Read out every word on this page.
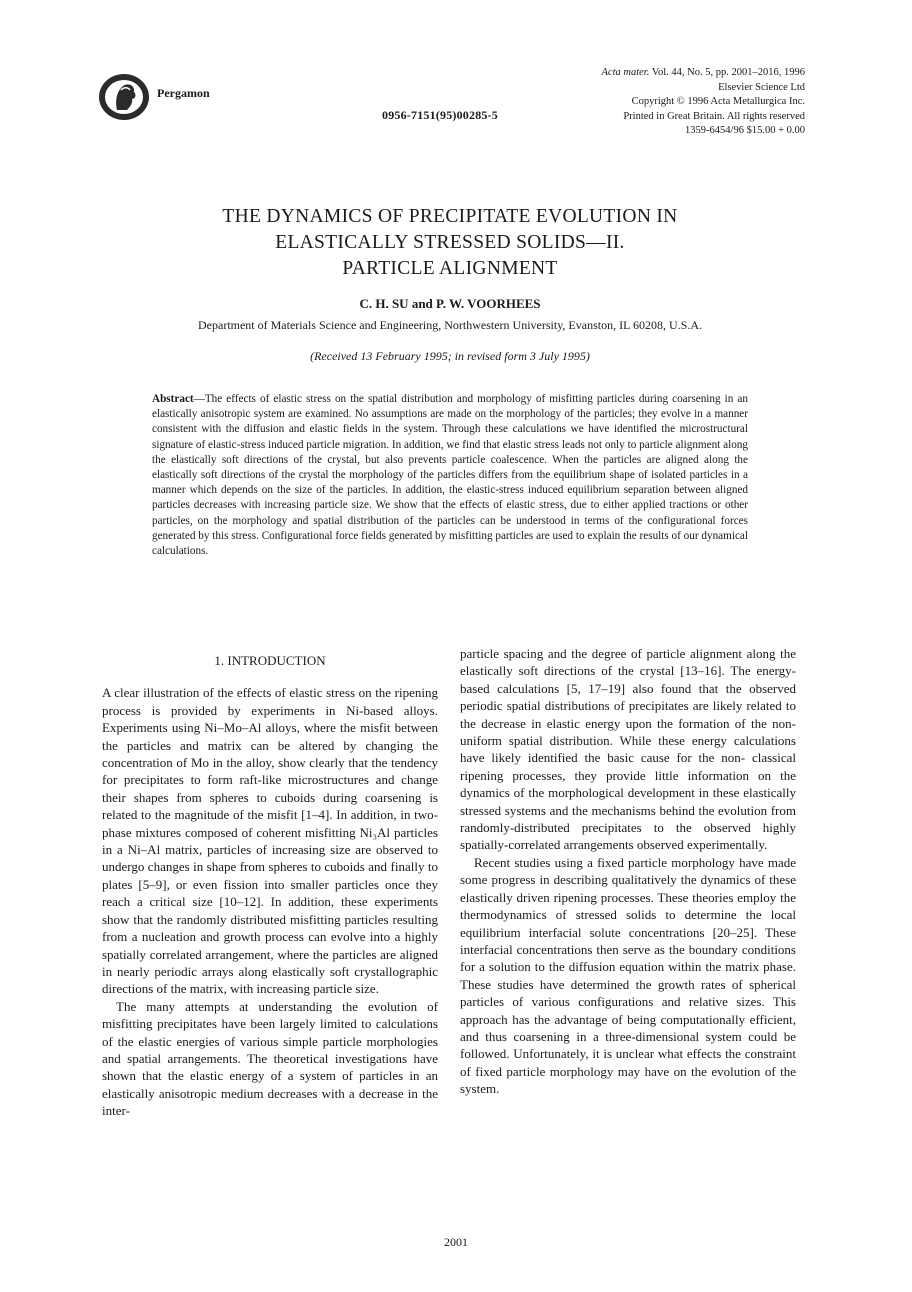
Pergamon
0956-7151(95)00285-5
Acta mater. Vol. 44, No. 5, pp. 2001–2016, 1996
Elsevier Science Ltd
Copyright © 1996 Acta Metallurgica Inc.
Printed in Great Britain. All rights reserved
1359-6454/96 $15.00 + 0.00
THE DYNAMICS OF PRECIPITATE EVOLUTION IN
ELASTICALLY STRESSED SOLIDS—II.
PARTICLE ALIGNMENT

C. H. SU and P. W. VOORHEES

Department of Materials Science and Engineering, Northwestern University, Evanston, IL 60208, U.S.A.

(Received 13 February 1995; in revised form 3 July 1995)

Abstract—The effects of elastic stress on the spatial distribution and morphology of misfitting particles during coarsening in an elastically anisotropic system are examined. No assumptions are made on the morphology of the particles; they evolve in a manner consistent with the diffusion and elastic fields in the system. Through these calculations we have identified the microstructural signature of elastic-stress induced particle migration. In addition, we find that elastic stress leads not only to particle alignment along the elastically soft directions of the crystal, but also prevents particle coalescence. When the particles are aligned along the elastically soft directions of the crystal the morphology of the particles differs from the equilibrium shape of isolated particles in a manner which depends on the size of the particles. In addition, the elastic-stress induced equilibrium separation between aligned particles decreases with increasing particle size. We show that the effects of elastic stress, due to either applied tractions or other particles, on the morphology and spatial distribution of the particles can be understood in terms of the configurational forces generated by this stress. Configurational force fields generated by misfitting particles are used to explain the results of our dynamical calculations.

1. INTRODUCTION

A clear illustration of the effects of elastic stress on the ripening process is provided by experiments in Ni-based alloys. Experiments using Ni–Mo–Al alloys, where the misfit between the particles and matrix can be altered by changing the concentration of Mo in the alloy, show clearly that the tendency for precipitates to form raft-like microstructures and change their shapes from spheres to cuboids during coarsening is related to the magnitude of the misfit [1–4]. In addition, in two-phase mixtures composed of coherent misfitting Ni₃Al particles in a Ni–Al matrix, particles of increasing size are observed to undergo changes in shape from spheres to cuboids and finally to plates [5–9], or even fission into smaller particles once they reach a critical size [10–12]. In addition, these experiments show that the randomly distributed misfitting particles resulting from a nucleation and growth process can evolve into a highly spatially correlated arrangement, where the particles are aligned in nearly periodic arrays along elastically soft crystallographic directions of the matrix, with increasing particle size.

The many attempts at understanding the evolution of misfitting precipitates have been largely limited to calculations of the elastic energies of various simple particle morphologies and spatial arrangements. The theoretical investigations have shown that the elastic energy of a system of particles in an elastically anisotropic medium decreases with a decrease in the inter-

particle spacing and the degree of particle alignment along the elastically soft directions of the crystal [13–16]. The energy-based calculations [5, 17–19] also found that the observed periodic spatial distributions of precipitates are likely related to the decrease in elastic energy upon the formation of the non-uniform spatial distribution. While these energy calculations have likely identified the basic cause for the non- classical ripening processes, they provide little information on the dynamics of the morphological development in these elastically stressed systems and the mechanisms behind the evolution from randomly-distributed precipitates to the observed highly spatially-correlated arrangements observed experimentally.

Recent studies using a fixed particle morphology have made some progress in describing qualitatively the dynamics of these elastically driven ripening processes. These theories employ the thermodynamics of stressed solids to determine the local equilibrium interfacial solute concentrations [20–25]. These interfacial concentrations then serve as the boundary conditions for a solution to the diffusion equation within the matrix phase. These studies have determined the growth rates of spherical particles of various configurations and relative sizes. This approach has the advantage of being computationally efficient, and thus coarsening in a three-dimensional system could be followed. Unfortunately, it is unclear what effects the constraint of fixed particle morphology may have on the evolution of the system.

2001
